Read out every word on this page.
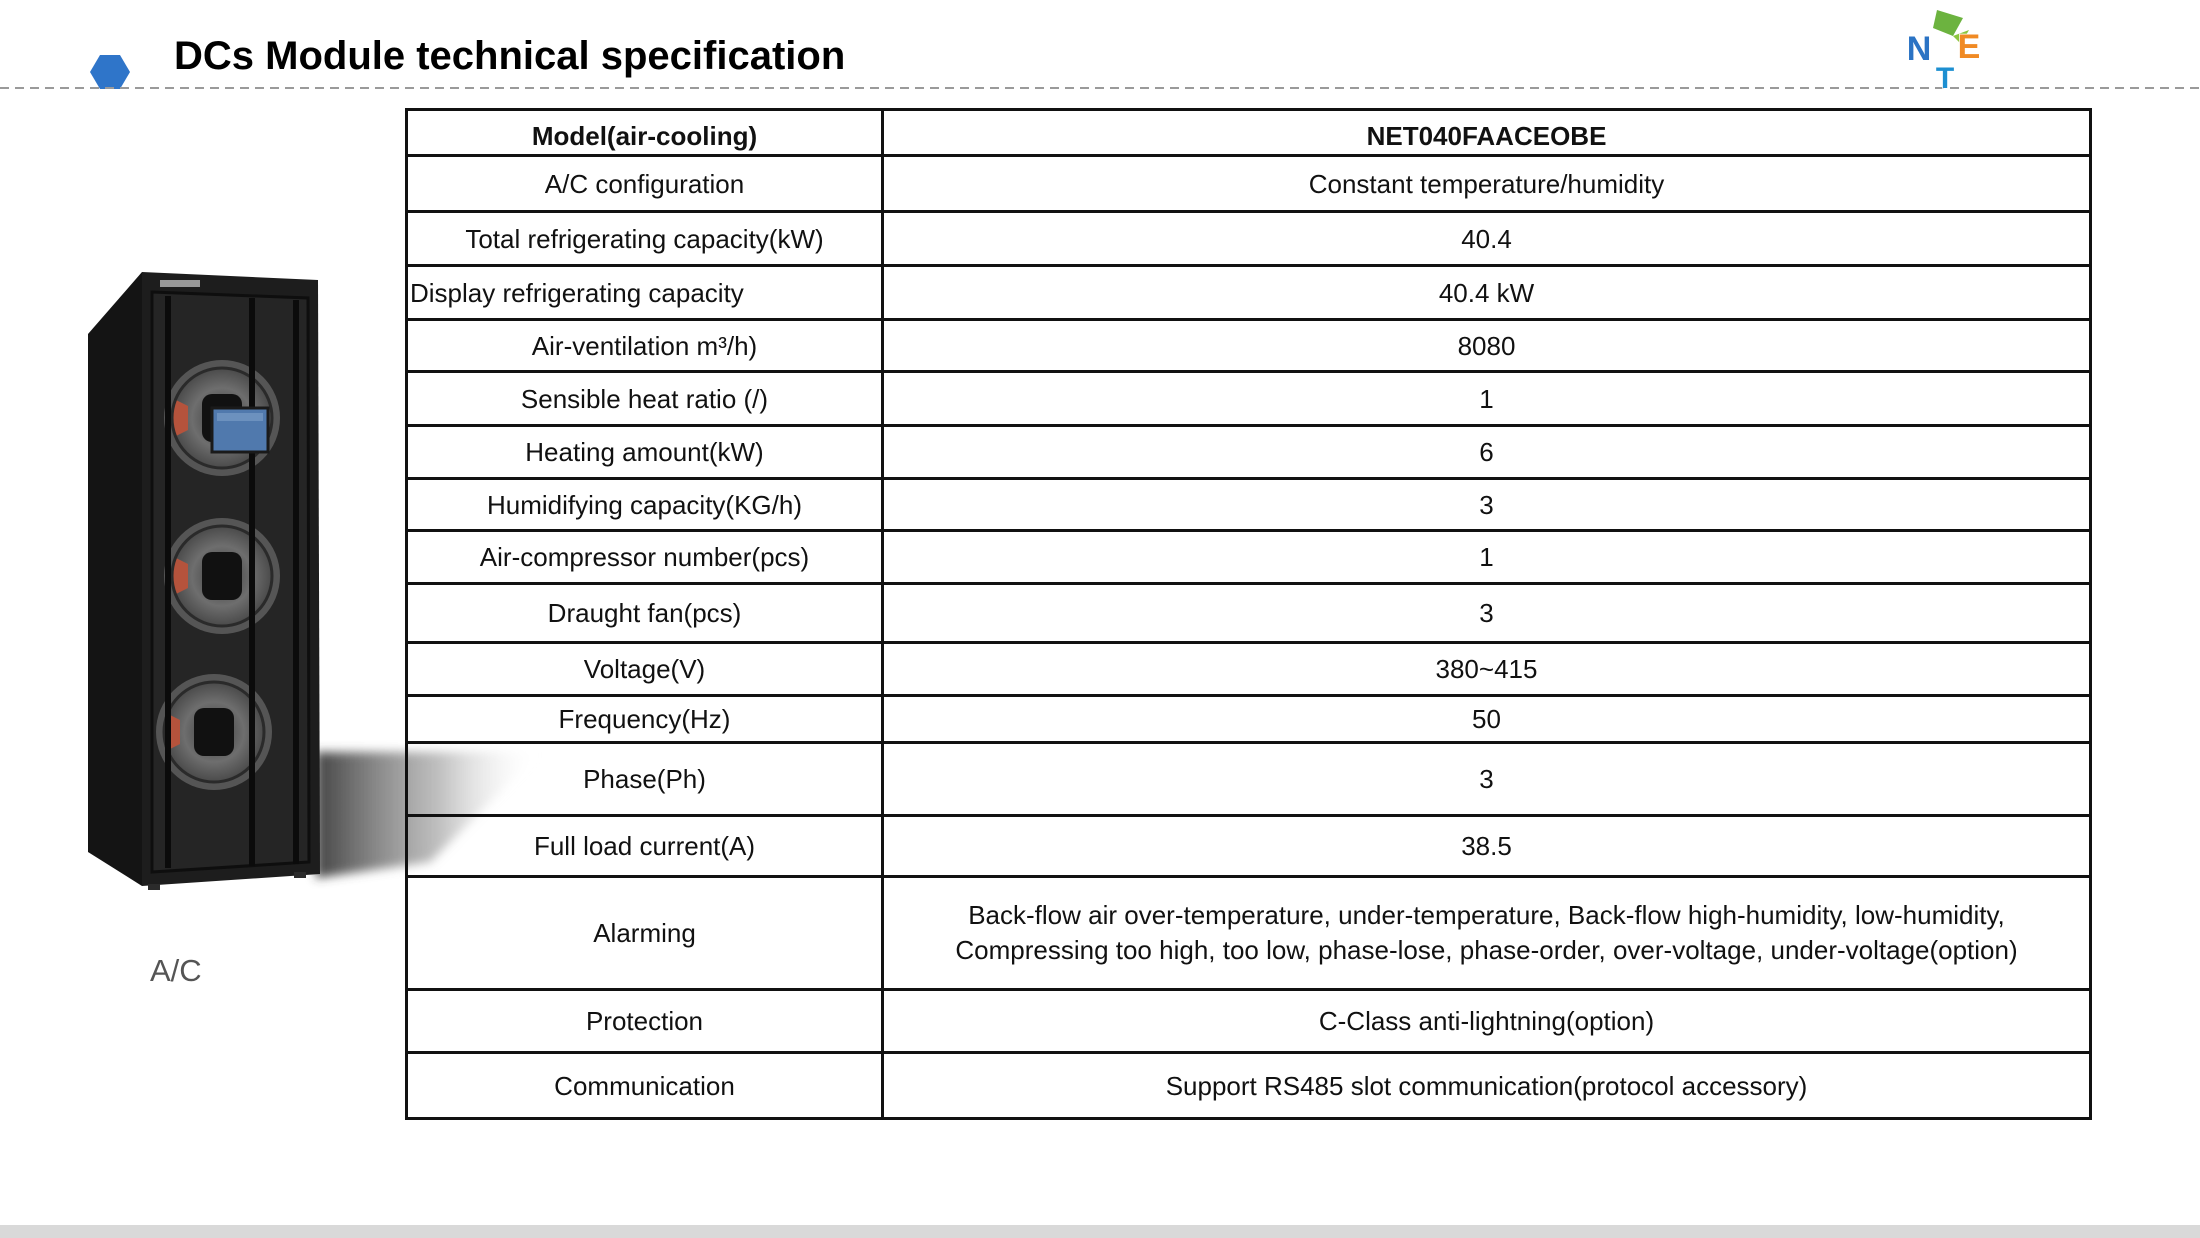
DCs Module technical specification	N E
T
A/C
Model(air-cooling)	NET040FAACEOBE
A/C configuration	Constant temperature/humidity
Total refrigerating capacity(kW)	40.4
Display refrigerating capacity	40.4 kW
Air-ventilation m³/h)	8080
Sensible heat ratio (/)	1
Heating amount(kW)	6
Humidifying capacity(KG/h)	3
Air-compressor number(pcs)	1
Draught fan(pcs)	3
Voltage(V)	380~415
Frequency(Hz)	50
Phase(Ph)	3
Full load current(A)	38.5
Alarming	Back-flow air over-temperature, under-temperature, Back-flow high-humidity, low-humidity, Compressing too high, too low, phase-lose, phase-order, over-voltage, under-voltage(option)
Protection	C-Class anti-lightning(option)
Communication	Support RS485 slot communication(protocol accessory)
